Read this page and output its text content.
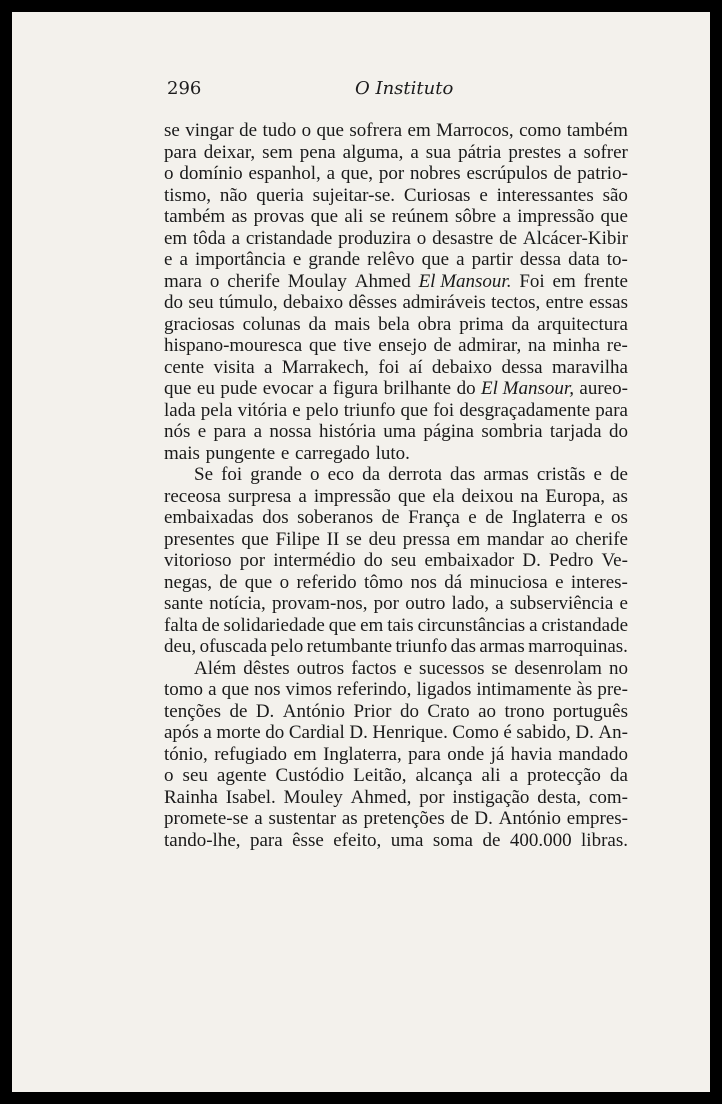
296	O Instituto
se vingar de tudo o que sofrera em Marrocos, como também
para deixar, sem pena alguma, a sua pátria prestes a sofrer
o domínio espanhol, a que, por nobres escrúpulos de patrio-
tismo, não queria sujeitar-se. Curiosas e interessantes são
também as provas que ali se reúnem sôbre a impressão que
em tôda a cristandade produzira o desastre de Alcácer-Kibir
e a importância e grande relêvo que a partir dessa data to-
mara o cherife Moulay Ahmed El Mansour. Foi em frente
do seu túmulo, debaixo dêsses admiráveis tectos, entre essas
graciosas colunas da mais bela obra prima da arquitectura
hispano-mouresca que tive ensejo de admirar, na minha re-
cente visita a Marrakech, foi aí debaixo dessa maravilha
que eu pude evocar a figura brilhante do El Mansour, aureo-
lada pela vitória e pelo triunfo que foi desgraçadamente para
nós e para a nossa história uma página sombria tarjada do
mais pungente e carregado luto.
Se foi grande o eco da derrota das armas cristãs e de
receosa surpresa a impressão que ela deixou na Europa, as
embaixadas dos soberanos de França e de Inglaterra e os
presentes que Filipe II se deu pressa em mandar ao cherife
vitorioso por intermédio do seu embaixador D. Pedro Ve-
negas, de que o referido tômo nos dá minuciosa e interes-
sante notícia, provam-nos, por outro lado, a subserviência e
falta de solidariedade que em tais circunstâncias a cristandade
deu, ofuscada pelo retumbante triunfo das armas marroquinas.
Além dêstes outros factos e sucessos se desenrolam no
tomo a que nos vimos referindo, ligados intimamente às pre-
tenções de D. António Prior do Crato ao trono português
após a morte do Cardial D. Henrique. Como é sabido, D. An-
tónio, refugiado em Inglaterra, para onde já havia mandado
o seu agente Custódio Leitão, alcança ali a protecção da
Rainha Isabel. Mouley Ahmed, por instigação desta, com-
promete-se a sustentar as pretenções de D. António empres-
tando-lhe, para êsse efeito, uma soma de 400.000 libras.
